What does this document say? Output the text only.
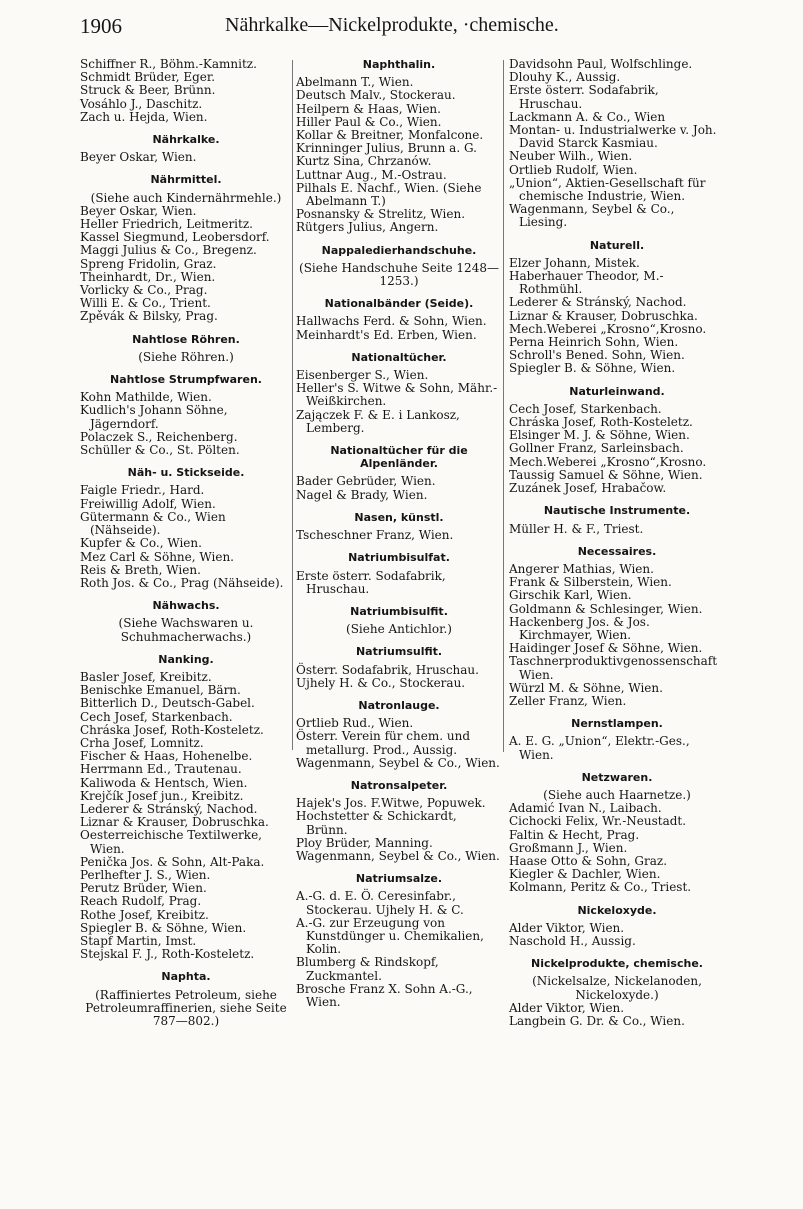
1906	Nährkalke—Nickelprodukte, ·chemische.
Schiffner R., Böhm.-Kamnitz.
Schmidt Brüder, Eger.
Struck & Beer, Brünn.
Vosáhlo J., Daschitz.
Zach u. Hejda, Wien.
Nährkalke.
Beyer Oskar, Wien.
Nährmittel.
(Siehe auch Kindernährmehle.)
Beyer Oskar, Wien.
Heller Friedrich, Leitmeritz.
Kassel Siegmund, Leobersdorf.
Maggi Julius & Co., Bregenz.
Spreng Fridolin, Graz.
Theinhardt, Dr., Wien.
Vorlicky & Co., Prag.
Willi E. & Co., Trient.
Zpěvák & Bilsky, Prag.
Nahtlose Röhren.
(Siehe Röhren.)
Nahtlose Strumpfwaren.
Kohn Mathilde, Wien.
Kudlich's Johann Söhne, Jägerndorf.
Polaczek S., Reichenberg.
Schüller & Co., St. Pölten.
Näh- u. Stickseide.
Faigle Friedr., Hard.
Freiwillig Adolf, Wien.
Gütermann & Co., Wien (Nähseide).
Kupfer & Co., Wien.
Mez Carl & Söhne, Wien.
Reis & Breth, Wien.
Roth Jos. & Co., Prag (Nähseide).
Nähwachs.
(Siehe Wachswaren u. Schuhmacherwachs.)
Nanking.
Basler Josef, Kreibitz.
Benischke Emanuel, Bärn.
Bitterlich D., Deutsch-Gabel.
Cech Josef, Starkenbach.
Chráska Josef, Roth-Kosteletz.
Crha Josef, Lomnitz.
Fischer & Haas, Hohenelbe.
Herrmann Ed., Trautenau.
Kaliwoda & Hentsch, Wien.
Krejčík Josef jun., Kreibitz.
Lederer & Stránský, Nachod.
Liznar & Krauser, Dobruschka.
Oesterreichische Textilwerke, Wien.
Penička Jos. & Sohn, Alt-Paka.
Perlhefter J. S., Wien.
Perutz Brüder, Wien.
Reach Rudolf, Prag.
Rothe Josef, Kreibitz.
Spiegler B. & Söhne, Wien.
Stapf Martin, Imst.
Stejskal F. J., Roth-Kosteletz.
Naphta.
(Raffiniertes Petroleum, siehe Petroleumraffinerien, siehe Seite 787—802.)
Naphthalin.
Abelmann T., Wien.
Deutsch Malv., Stockerau.
Heilpern & Haas, Wien.
Hiller Paul & Co., Wien.
Kollar & Breitner, Monfalcone.
Krinninger Julius, Brunn a. G.
Kurtz Sina, Chrzanów.
Luttnar Aug., M.-Ostrau.
Pilhals E. Nachf., Wien. (Siehe Abelmann T.)
Posnansky & Strelitz, Wien.
Rütgers Julius, Angern.
Nappaledierhandschuhe.
(Siehe Handschuhe Seite 1248—1253.)
Nationalbänder (Seide).
Hallwachs Ferd. & Sohn, Wien.
Meinhardt's Ed. Erben, Wien.
Nationaltücher.
Eisenberger S., Wien.
Heller's S. Witwe & Sohn, Mähr.-Weißkirchen.
Zajączek F. & E. i Lankosz, Lemberg.
Nationaltücher für die Alpenländer.
Bader Gebrüder, Wien.
Nagel & Brady, Wien.
Nasen, künstl.
Tscheschner Franz, Wien.
Natriumbisulfat.
Erste österr. Sodafabrik, Hruschau.
Natriumbisulfit.
(Siehe Antichlor.)
Natriumsulfit.
Österr. Sodafabrik, Hruschau.
Ujhely H. & Co., Stockerau.
Natronlauge.
Ortlieb Rud., Wien.
Österr. Verein für chem. und metallurg. Prod., Aussig.
Wagenmann, Seybel & Co., Wien.
Natronsalpeter.
Hajek's Jos. F.Witwe, Popuwek.
Hochstetter & Schickardt, Brünn.
Ploy Brüder, Manning.
Wagenmann, Seybel & Co., Wien.
Natriumsalze.
A.-G. d. E. Ö. Ceresinfabr., Stockerau. Ujhely H. & C.
A.-G. zur Erzeugung von Kunstdünger u. Chemikalien, Kolin.
Blumberg & Rindskopf, Zuckmantel.
Brosche Franz X. Sohn A.-G., Wien.
Davidsohn Paul, Wolfschlinge.
Dlouhy K., Aussig.
Erste österr. Sodafabrik, Hruschau.
Lackmann A. & Co., Wien
Montan- u. Industrialwerke v. Joh. David Starck Kasmiau.
Neuber Wilh., Wien.
Ortlieb Rudolf, Wien.
„Union“, Aktien-Gesellschaft für chemische Industrie, Wien.
Wagenmann, Seybel & Co., Liesing.
Naturell.
Elzer Johann, Mistek.
Haberhauer Theodor, M.-Rothmühl.
Lederer & Stránský, Nachod.
Liznar & Krauser, Dobruschka.
Mech.Weberei „Krosno“,Krosno.
Perna Heinrich Sohn, Wien.
Schroll's Bened. Sohn, Wien.
Spiegler B. & Söhne, Wien.
Naturleinwand.
Cech Josef, Starkenbach.
Chráska Josef, Roth-Kosteletz.
Elsinger M. J. & Söhne, Wien.
Gollner Franz, Sarleinsbach.
Mech.Weberei „Krosno“,Krosno.
Taussig Samuel & Söhne, Wien.
Zuzánek Josef, Hrabačow.
Nautische Instrumente.
Müller H. & F., Triest.
Necessaires.
Angerer Mathias, Wien.
Frank & Silberstein, Wien.
Girschik Karl, Wien.
Goldmann & Schlesinger, Wien.
Hackenberg Jos. & Jos. Kirchmayer, Wien.
Haidinger Josef & Söhne, Wien.
Taschnerproduktivgenossenschaft Wien.
Würzl M. & Söhne, Wien.
Zeller Franz, Wien.
Nernstlampen.
A. E. G. „Union“, Elektr.-Ges., Wien.
Netzwaren.
(Siehe auch Haarnetze.)
Adamić Ivan N., Laibach.
Cichocki Felix, Wr.-Neustadt.
Faltin & Hecht, Prag.
Großmann J., Wien.
Haase Otto & Sohn, Graz.
Kiegler & Dachler, Wien.
Kolmann, Peritz & Co., Triest.
Nickeloxyde.
Alder Viktor, Wien.
Naschold H., Aussig.
Nickelprodukte, chemische.
(Nickelsalze, Nickelanoden, Nickeloxyde.)
Alder Viktor, Wien.
Langbein G. Dr. & Co., Wien.
